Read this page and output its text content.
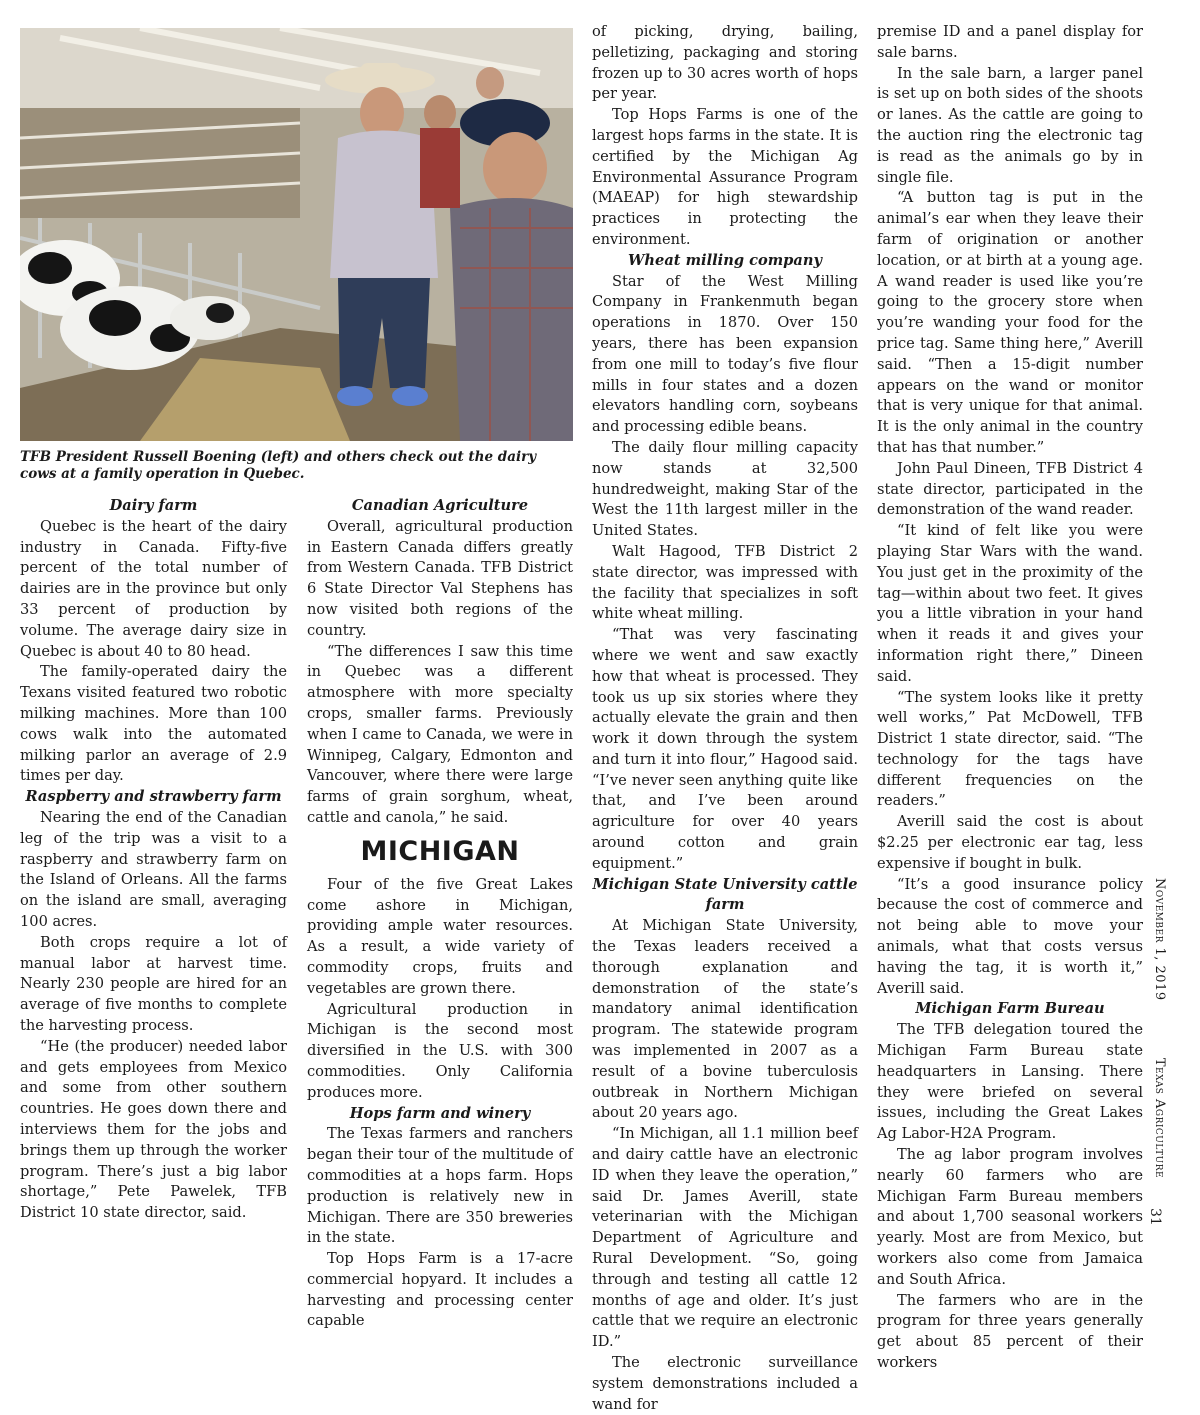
TFB President Russell Boening (left) and others check out the dairy cows at a family operation in Quebec.
Dairy farm

Quebec is the heart of the dairy industry in Canada. Fifty-five percent of the total number of dairies are in the province but only 33 percent of production by volume. The average dairy size in Quebec is about 40 to 80 head.

The family-operated dairy the Texans visited featured two robotic milking machines. More than 100 cows walk into the automated milking parlor an average of 2.9 times per day.

Raspberry and strawberry farm

Nearing the end of the Canadian leg of the trip was a visit to a raspberry and strawberry farm on the Island of Orleans. All the farms on the island are small, averaging 100 acres.

Both crops require a lot of manual labor at harvest time. Nearly 230 people are hired for an average of five months to complete the harvesting process.

“He (the producer) needed labor and gets employees from Mexico and some from other southern countries. He goes down there and interviews them for the jobs and brings them up through the worker program. There’s just a big labor shortage,” Pete Pawelek, TFB District 10 state director, said.

Canadian Agriculture

Overall, agricultural production in Eastern Canada differs greatly from Western Canada. TFB District 6 State Director Val Stephens has now visited both regions of the country.

“The differences I saw this time in Quebec was a different atmosphere with more specialty crops, smaller farms. Previously when I came to Canada, we were in Winnipeg, Calgary, Edmonton and Vancouver, where there were large farms of grain sorghum, wheat, cattle and canola,” he said.

MICHIGAN

Four of the five Great Lakes come ashore in Michigan, providing ample water resources. As a result, a wide variety of commodity crops, fruits and vegetables are grown there.

Agricultural production in Michigan is the second most diversified in the U.S. with 300 commodities. Only California produces more.

Hops farm and winery

The Texas farmers and ranchers began their tour of the multitude of commodities at a hops farm. Hops production is relatively new in Michigan. There are 350 breweries in the state.

Top Hops Farm is a 17-acre commercial hopyard. It includes a harvesting and processing center capable

of picking, drying, bailing, pelletizing, packaging and storing frozen up to 30 acres worth of hops per year.

Top Hops Farms is one of the largest hops farms in the state. It is certified by the Michigan Ag Environmental Assurance Program (MAEAP) for high stewardship practices in protecting the environment.

Wheat milling company

Star of the West Milling Company in Frankenmuth began operations in 1870. Over 150 years, there has been expansion from one mill to today’s five flour mills in four states and a dozen elevators handling corn, soybeans and processing edible beans.

The daily flour milling capacity now stands at 32,500 hundredweight, making Star of the West the 11th largest miller in the United States.

Walt Hagood, TFB District 2 state director, was impressed with the facility that specializes in soft white wheat milling.

“That was very fascinating where we went and saw exactly how that wheat is processed. They took us up six stories where they actually elevate the grain and then work it down through the system and turn it into flour,” Hagood said. “I’ve never seen anything quite like that, and I’ve been around agriculture for over 40 years around cotton and grain equipment.”

Michigan State University cattle farm

At Michigan State University, the Texas leaders received a thorough explanation and demonstration of the state’s mandatory animal identification program. The statewide program was implemented in 2007 as a result of a bovine tuberculosis outbreak in Northern Michigan about 20 years ago.

“In Michigan, all 1.1 million beef and dairy cattle have an electronic ID when they leave the operation,” said Dr. James Averill, state veterinarian with the Michigan Department of Agriculture and Rural Development. “So, going through and testing all cattle 12 months of age and older. It’s just cattle that we require an electronic ID.”

The electronic surveillance system demonstrations included a wand for

premise ID and a panel display for sale barns.

In the sale barn, a larger panel is set up on both sides of the shoots or lanes. As the cattle are going to the auction ring the electronic tag is read as the animals go by in single file.

“A button tag is put in the animal’s ear when they leave their farm of origination or another location, or at birth at a young age. A wand reader is used like you’re going to the grocery store when you’re wanding your food for the price tag. Same thing here,” Averill said. “Then a 15-digit number appears on the wand or monitor that is very unique for that animal. It is the only animal in the country that has that number.”

John Paul Dineen, TFB District 4 state director, participated in the demonstration of the wand reader.

“It kind of felt like you were playing Star Wars with the wand. You just get in the proximity of the tag—within about two feet. It gives you a little vibration in your hand when it reads it and gives your information right there,” Dineen said.

“The system looks like it pretty well works,” Pat McDowell, TFB District 1 state director, said. “The technology for the tags have different frequencies on the readers.”

Averill said the cost is about $2.25 per electronic ear tag, less expensive if bought in bulk.

“It’s a good insurance policy because the cost of commerce and not being able to move your animals, what that costs versus having the tag, it is worth it,” Averill said.

Michigan Farm Bureau

The TFB delegation toured the Michigan Farm Bureau state headquarters in Lansing. There they were briefed on several issues, including the Great Lakes Ag Labor-H2A Program.

The ag labor program involves nearly 60 farmers who are Michigan Farm Bureau members and about 1,700 seasonal workers yearly. Most are from Mexico, but workers also come from Jamaica and South Africa.

The farmers who are in the program for three years generally get about 85 percent of their workers

November 1, 2019  Texas Agriculture
31
